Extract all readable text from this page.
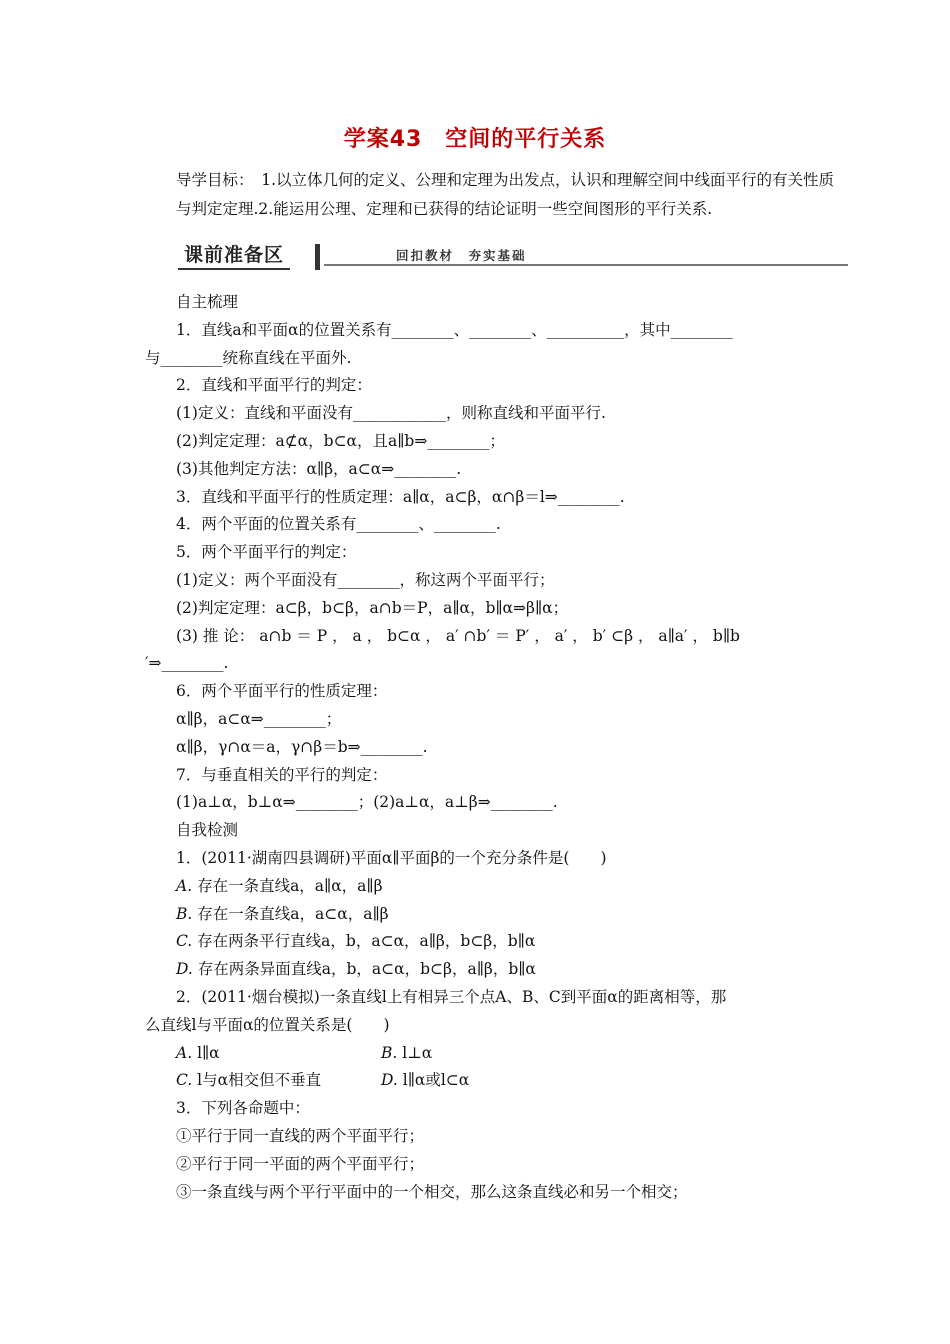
学案43　空间的平行关系
导学目标：　1.以立体几何的定义、公理和定理为出发点，认识和理解空间中线面平行的有关性质与判定定理.2.能运用公理、定理和已获得的结论证明一些空间图形的平行关系.
课前准备区	回扣教材　夯实基础

自主梳理

1．直线a和平面α的位置关系有________、________、__________，其中________

与________统称直线在平面外.

2．直线和平面平行的判定：

(1)定义：直线和平面没有____________，则称直线和平面平行.

(2)判定定理：a⊄α，b⊂α，且a∥b⇒________；

(3)其他判定方法：α∥β，a⊂α⇒________.

3．直线和平面平行的性质定理：a∥α，a⊂β，α∩β＝l⇒________.

4．两个平面的位置关系有________、________.

5．两个平面平行的判定：

(1)定义：两个平面没有________，称这两个平面平行；

(2)判定定理：a⊂β，b⊂β，a∩b＝P，a∥α，b∥α⇒β∥α；

(3) 推 论： a∩b ＝ P ， a ， b⊂α ， a′ ∩b′ ＝ P′ ， a′ ， b′ ⊂β ， a∥a′ ， b∥b

′⇒________.

6．两个平面平行的性质定理：

α∥β，a⊂α⇒________；

α∥β，γ∩α＝a，γ∩β＝b⇒________.

7．与垂直相关的平行的判定：

(1)a⊥α，b⊥α⇒________；(2)a⊥α，a⊥β⇒________.

自我检测

1．(2011·湖南四县调研)平面α∥平面β的一个充分条件是(　　)

A. 存在一条直线a，a∥α，a∥β

B. 存在一条直线a，a⊂α，a∥β

C. 存在两条平行直线a，b，a⊂α，a∥β，b⊂β，b∥α

D. 存在两条异面直线a，b，a⊂α，b⊂β，a∥β，b∥α

2．(2011·烟台模拟)一条直线l上有相异三个点A、B、C到平面α的距离相等，那

么直线l与平面α的位置关系是(　　)

A. l∥α	B. l⊥α

C. l与α相交但不垂直	D. l∥α或l⊂α

3．下列各命题中：

①平行于同一直线的两个平面平行；

②平行于同一平面的两个平面平行；

③一条直线与两个平行平面中的一个相交，那么这条直线必和另一个相交；
